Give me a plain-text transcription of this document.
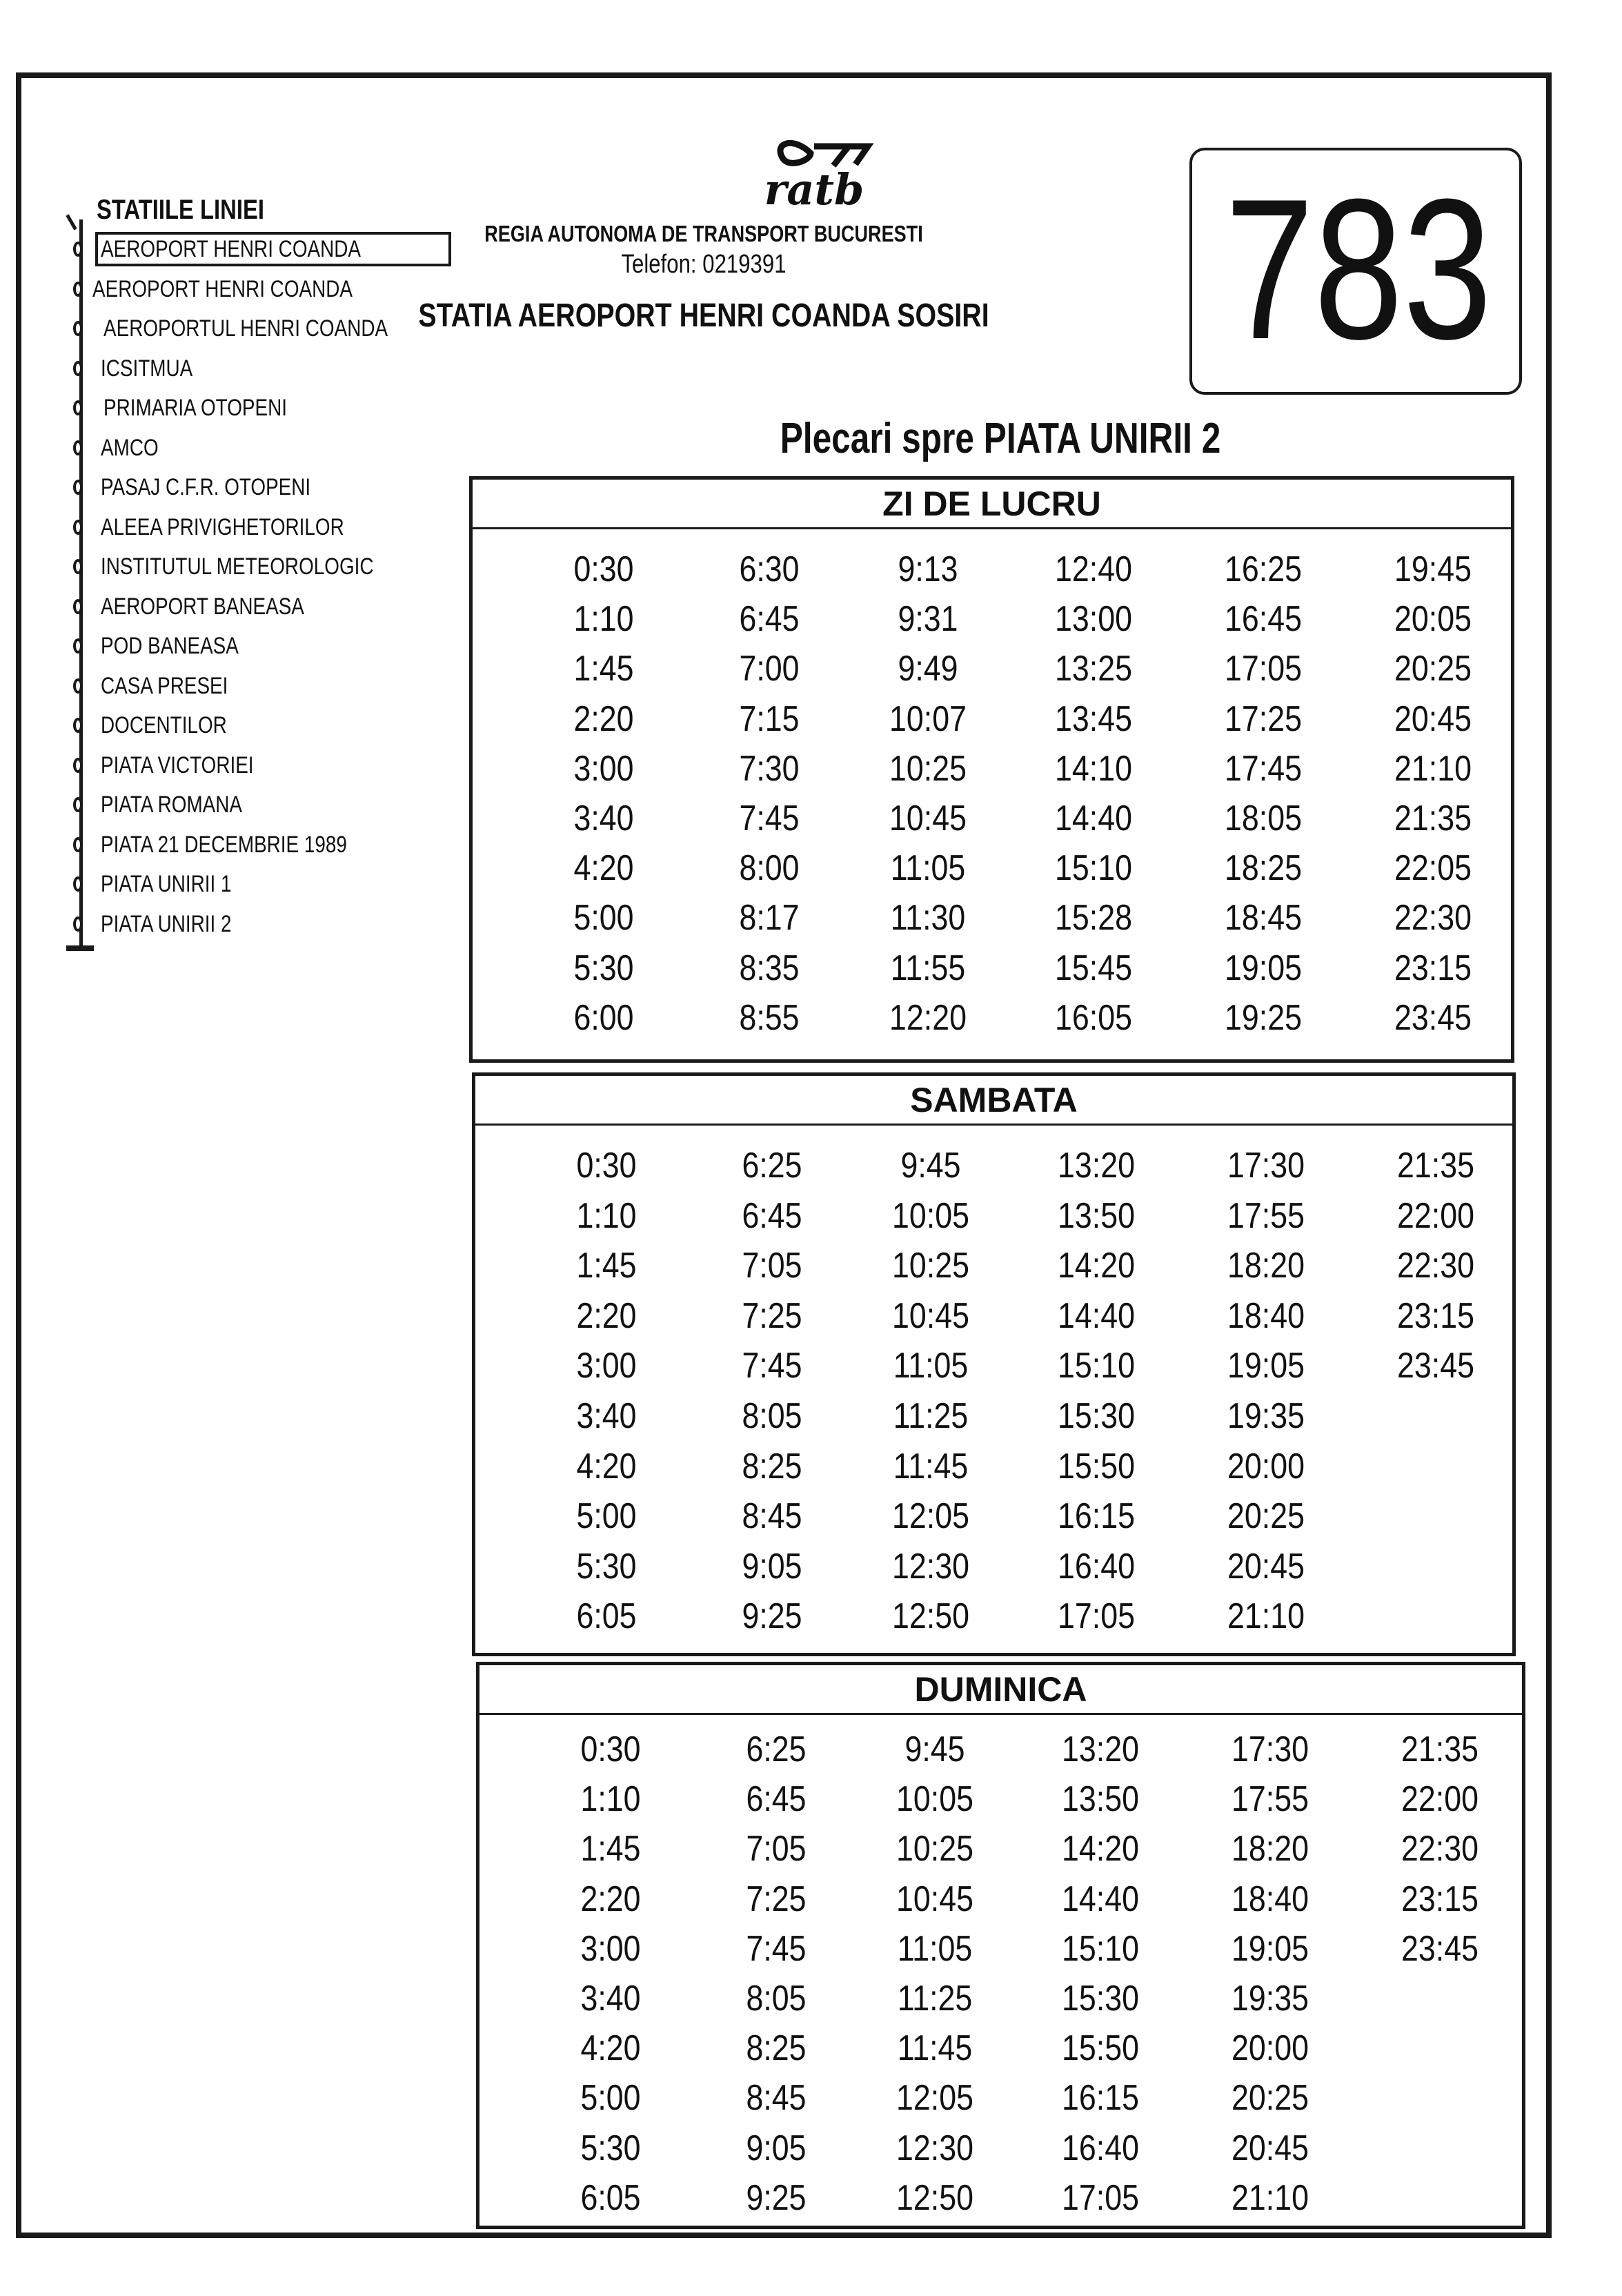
STATIILE LINIEI
AEROPORT HENRI COANDA
AEROPORT HENRI COANDA
AEROPORTUL HENRI COANDA
ICSITMUA
PRIMARIA OTOPENI
AMCO
PASAJ C.F.R. OTOPENI
ALEEA PRIVIGHETORILOR
INSTITUTUL METEOROLOGIC
AEROPORT BANEASA
POD BANEASA
CASA PRESEI
DOCENTILOR
PIATA VICTORIEI
PIATA ROMANA
PIATA 21 DECEMBRIE 1989
PIATA UNIRII 1
PIATA UNIRII 2
ratb
REGIA AUTONOMA DE TRANSPORT BUCURESTI
Telefon: 0219391
STATIA AEROPORT HENRI COANDA SOSIRI	783
Plecari spre PIATA UNIRII 2
ZI DE LUCRU
0:30
1:10
1:45
2:20
3:00
3:40
4:20
5:00
5:30
6:00
6:30
6:45
7:00
7:15
7:30
7:45
8:00
8:17
8:35
8:55
9:13
9:31
9:49
10:07
10:25
10:45
11:05
11:30
11:55
12:20
12:40
13:00
13:25
13:45
14:10
14:40
15:10
15:28
15:45
16:05
16:25
16:45
17:05
17:25
17:45
18:05
18:25
18:45
19:05
19:25
19:45
20:05
20:25
20:45
21:10
21:35
22:05
22:30
23:15
23:45
SAMBATA
0:30
1:10
1:45
2:20
3:00
3:40
4:20
5:00
5:30
6:05
6:25
6:45
7:05
7:25
7:45
8:05
8:25
8:45
9:05
9:25
9:45
10:05
10:25
10:45
11:05
11:25
11:45
12:05
12:30
12:50
13:20
13:50
14:20
14:40
15:10
15:30
15:50
16:15
16:40
17:05
17:30
17:55
18:20
18:40
19:05
19:35
20:00
20:25
20:45
21:10
21:35
22:00
22:30
23:15
23:45
DUMINICA
0:30
1:10
1:45
2:20
3:00
3:40
4:20
5:00
5:30
6:05
6:25
6:45
7:05
7:25
7:45
8:05
8:25
8:45
9:05
9:25
9:45
10:05
10:25
10:45
11:05
11:25
11:45
12:05
12:30
12:50
13:20
13:50
14:20
14:40
15:10
15:30
15:50
16:15
16:40
17:05
17:30
17:55
18:20
18:40
19:05
19:35
20:00
20:25
20:45
21:10
21:35
22:00
22:30
23:15
23:45
